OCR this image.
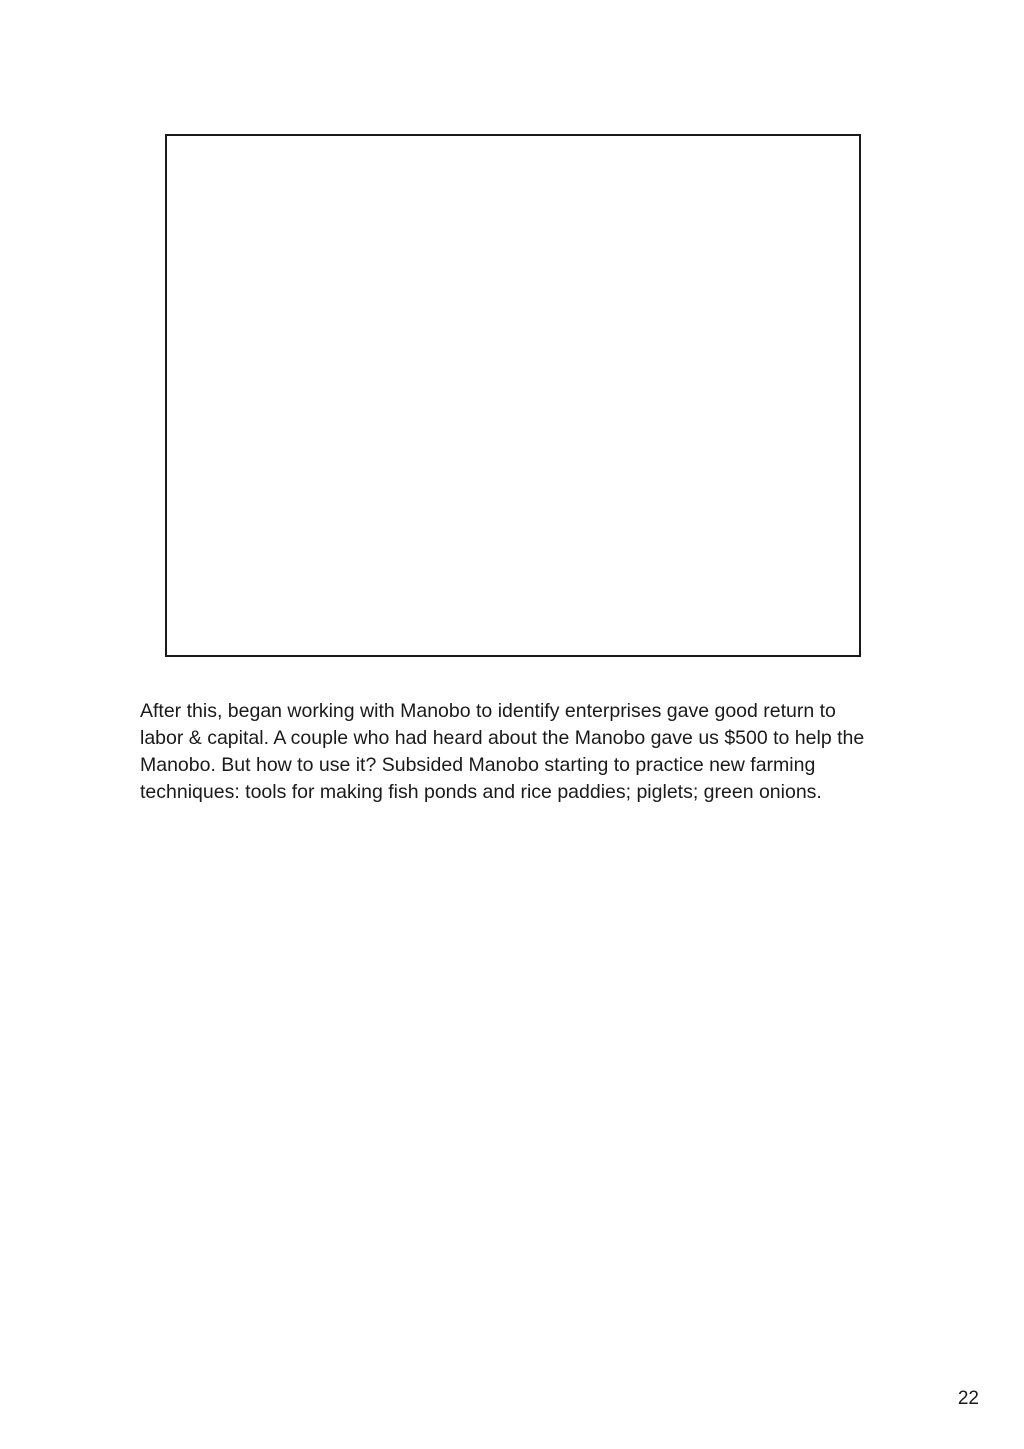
After this, began working with Manobo to identify enterprises gave good return to labor & capital. A couple who had heard about the Manobo gave us $500 to help the Manobo. But how to use it? Subsided Manobo starting to practice new farming techniques: tools for making fish ponds and rice paddies; piglets; green onions.

22
